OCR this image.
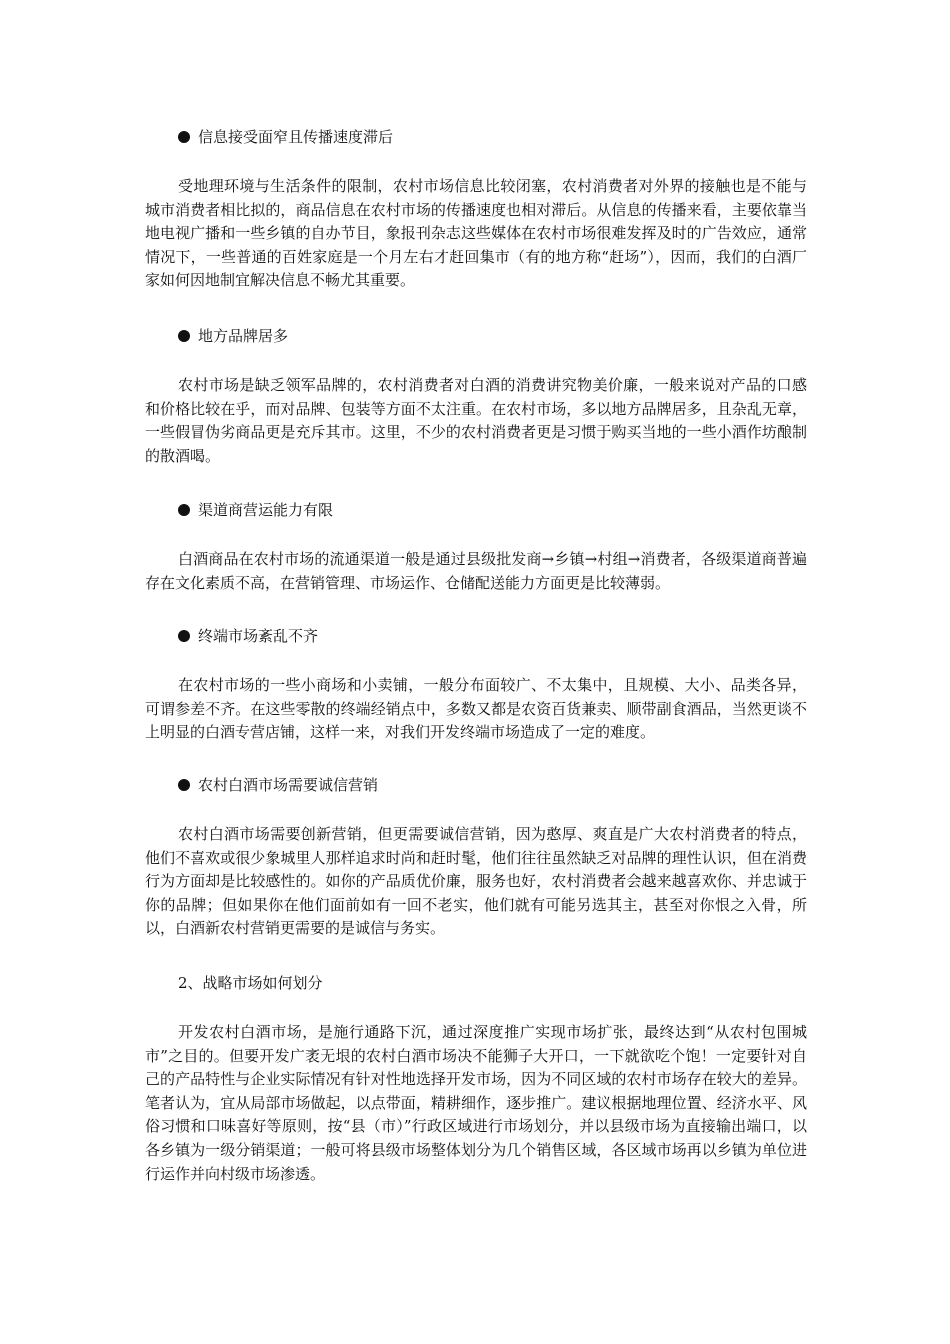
信息接受面窄且传播速度滞后

受地理环境与生活条件的限制，农村市场信息比较闭塞，农村消费者对外界的接触也是不能与城市消费者相比拟的，商品信息在农村市场的传播速度也相对滞后。从信息的传播来看，主要依靠当地电视广播和一些乡镇的自办节目，象报刊杂志这些媒体在农村市场很难发挥及时的广告效应，通常情况下，一些普通的百姓家庭是一个月左右才赶回集市（有的地方称“赶场”），因而，我们的白酒厂家如何因地制宜解决信息不畅尤其重要。

地方品牌居多

农村市场是缺乏领军品牌的，农村消费者对白酒的消费讲究物美价廉，一般来说对产品的口感和价格比较在乎，而对品牌、包装等方面不太注重。在农村市场，多以地方品牌居多，且杂乱无章，一些假冒伪劣商品更是充斥其市。这里，不少的农村消费者更是习惯于购买当地的一些小酒作坊酿制的散酒喝。

渠道商营运能力有限

白酒商品在农村市场的流通渠道一般是通过县级批发商→乡镇→村组→消费者，各级渠道商普遍存在文化素质不高，在营销管理、市场运作、仓储配送能力方面更是比较薄弱。

终端市场紊乱不齐

在农村市场的一些小商场和小卖铺，一般分布面较广、不太集中，且规模、大小、品类各异，可谓参差不齐。在这些零散的终端经销点中，多数又都是农资百货兼卖、顺带副食酒品，当然更谈不上明显的白酒专营店铺，这样一来，对我们开发终端市场造成了一定的难度。

农村白酒市场需要诚信营销

农村白酒市场需要创新营销，但更需要诚信营销，因为憨厚、爽直是广大农村消费者的特点，他们不喜欢或很少象城里人那样追求时尚和赶时髦，他们往往虽然缺乏对品牌的理性认识，但在消费行为方面却是比较感性的。如你的产品质优价廉，服务也好，农村消费者会越来越喜欢你、并忠诚于你的品牌；但如果你在他们面前如有一回不老实，他们就有可能另选其主，甚至对你恨之入骨，所以，白酒新农村营销更需要的是诚信与务实。

2、战略市场如何划分

开发农村白酒市场，是施行通路下沉，通过深度推广实现市场扩张，最终达到“从农村包围城市”之目的。但要开发广袤无垠的农村白酒市场决不能狮子大开口，一下就欲吃个饱！一定要针对自己的产品特性与企业实际情况有针对性地选择开发市场，因为不同区域的农村市场存在较大的差异。笔者认为，宜从局部市场做起，以点带面，精耕细作，逐步推广。建议根据地理位置、经济水平、风俗习惯和口味喜好等原则，按“县（市）”行政区域进行市场划分，并以县级市场为直接输出端口，以各乡镇为一级分销渠道；一般可将县级市场整体划分为几个销售区域，各区域市场再以乡镇为单位进行运作并向村级市场渗透。
